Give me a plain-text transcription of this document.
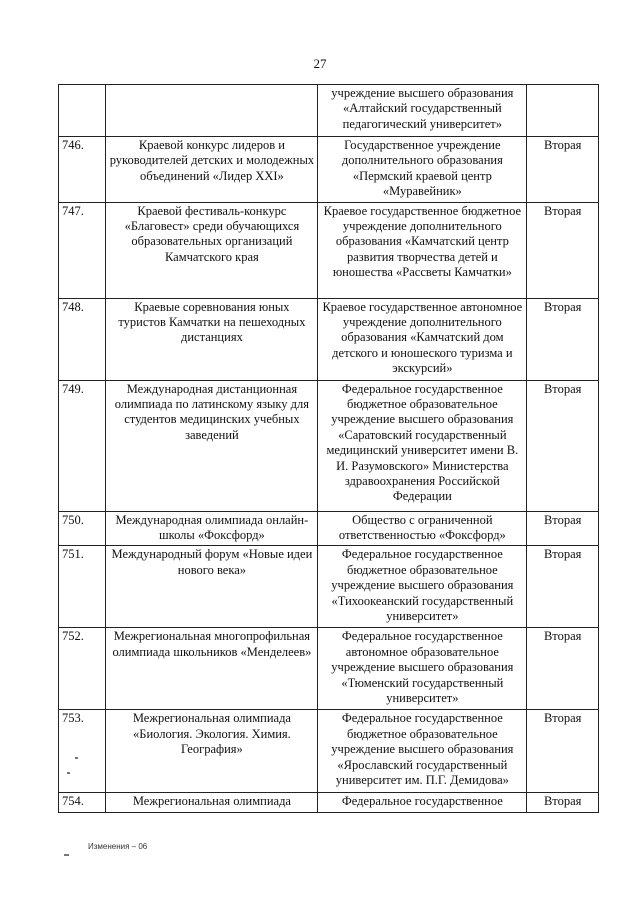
27
		учреждение высшего образования «Алтайский государственный педагогический университет»	
746.	Краевой конкурс лидеров и руководителей детских и молодежных объединений «Лидер XXI»	Государственное учреждение дополнительного образования «Пермский краевой центр «Муравейник»	Вторая
747.	Краевой фестиваль-конкурс «Благовест» среди обучающихся образовательных организаций Камчатского края	Краевое государственное бюджетное учреждение дополнительного образования «Камчатский центр развития творчества детей и юношества «Рассветы Камчатки»	Вторая
748.	Краевые соревнования юных туристов Камчатки на пешеходных дистанциях	Краевое государственное автономное учреждение дополнительного образования «Камчатский дом детского и юношеского туризма и экскурсий»	Вторая
749.	Международная дистанционная олимпиада по латинскому языку для студентов медицинских учебных заведений	Федеральное государственное бюджетное образовательное учреждение высшего образования «Саратовский государственный медицинский университет имени В. И. Разумовского» Министерства здравоохранения Российской Федерации	Вторая
750.	Международная олимпиада онлайн-школы «Фоксфорд»	Общество с ограниченной ответственностью «Фоксфорд»	Вторая
751.	Международный форум «Новые идеи нового века»	Федеральное государственное бюджетное образовательное учреждение высшего образования «Тихоокеанский государственный университет»	Вторая
752.	Межрегиональная многопрофильная олимпиада школьников «Менделеев»	Федеральное государственное автономное образовательное учреждение высшего образования «Тюменский государственный университет»	Вторая
753.	Межрегиональная олимпиада «Биология. Экология. Химия. География»	Федеральное государственное бюджетное образовательное учреждение высшего образования «Ярославский государственный университет им. П.Г. Демидова»	Вторая
754.	Межрегиональная олимпиада	Федеральное государственное	Вторая
Изменения – 06
